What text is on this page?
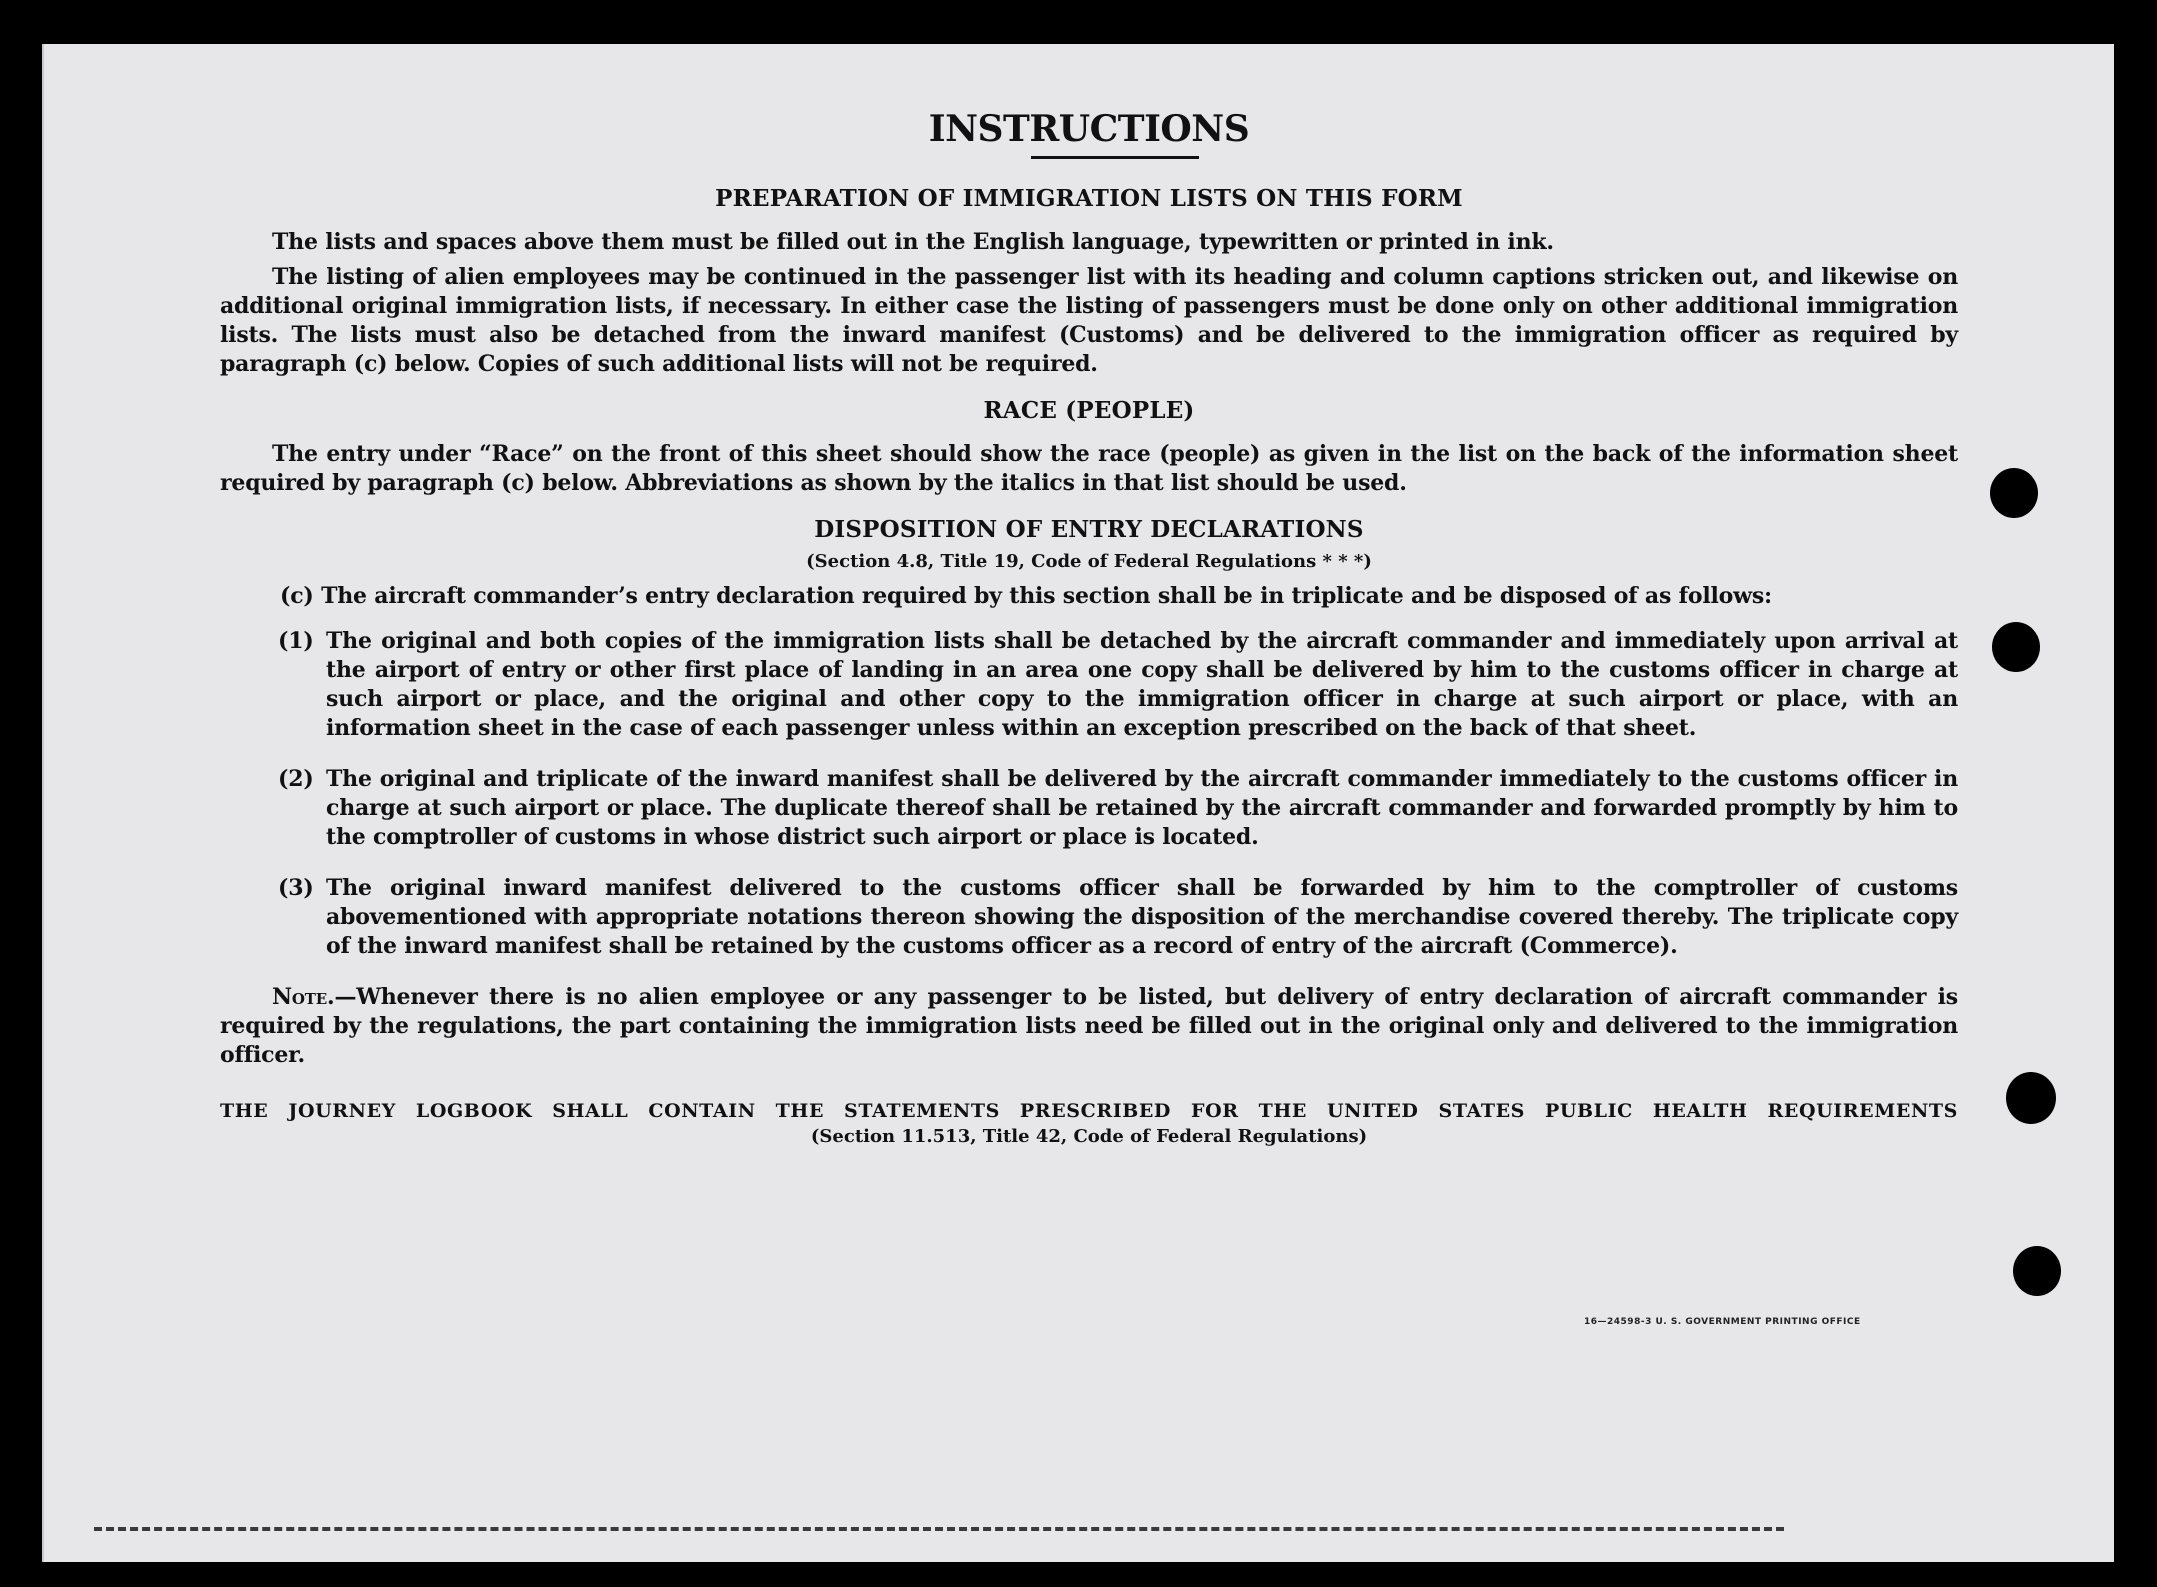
INSTRUCTIONS
PREPARATION OF IMMIGRATION LISTS ON THIS FORM

The lists and spaces above them must be filled out in the English language, typewritten or printed in ink.

The listing of alien employees may be continued in the passenger list with its heading and column captions stricken out, and likewise on additional original immigration lists, if necessary. In either case the listing of passengers must be done only on other additional immigration lists. The lists must also be detached from the inward manifest (Customs) and be delivered to the immigration officer as required by paragraph (c) below. Copies of such additional lists will not be required.

RACE (PEOPLE)

The entry under “Race” on the front of this sheet should show the race (people) as given in the list on the back of the information sheet required by paragraph (c) below. Abbreviations as shown by the italics in that list should be used.

DISPOSITION OF ENTRY DECLARATIONS
(Section 4.8, Title 19, Code of Federal Regulations * * *)
(c) The aircraft commander’s entry declaration required by this section shall be in triplicate and be disposed of as follows:
(1) The original and both copies of the immigration lists shall be detached by the aircraft commander and immediately upon arrival at the airport of entry or other first place of landing in an area one copy shall be delivered by him to the customs officer in charge at such airport or place, and the original and other copy to the immigration officer in charge at such airport or place, with an information sheet in the case of each passenger unless within an exception prescribed on the back of that sheet.
(2) The original and triplicate of the inward manifest shall be delivered by the aircraft commander immediately to the customs officer in charge at such airport or place. The duplicate thereof shall be retained by the aircraft commander and forwarded promptly by him to the comptroller of customs in whose district such airport or place is located.
(3) The original inward manifest delivered to the customs officer shall be forwarded by him to the comptroller of customs abovementioned with appropriate notations thereon showing the disposition of the merchandise covered thereby. The triplicate copy of the inward manifest shall be retained by the customs officer as a record of entry of the aircraft (Commerce).

Note.—Whenever there is no alien employee or any passenger to be listed, but delivery of entry declaration of aircraft commander is required by the regulations, the part containing the immigration lists need be filled out in the original only and delivered to the immigration officer.

THE JOURNEY LOGBOOK SHALL CONTAIN THE STATEMENTS PRESCRIBED FOR THE UNITED STATES PUBLIC HEALTH REQUIREMENTS
(Section 11.513, Title 42, Code of Federal Regulations)
16—24598-3 U. S. GOVERNMENT PRINTING OFFICE
